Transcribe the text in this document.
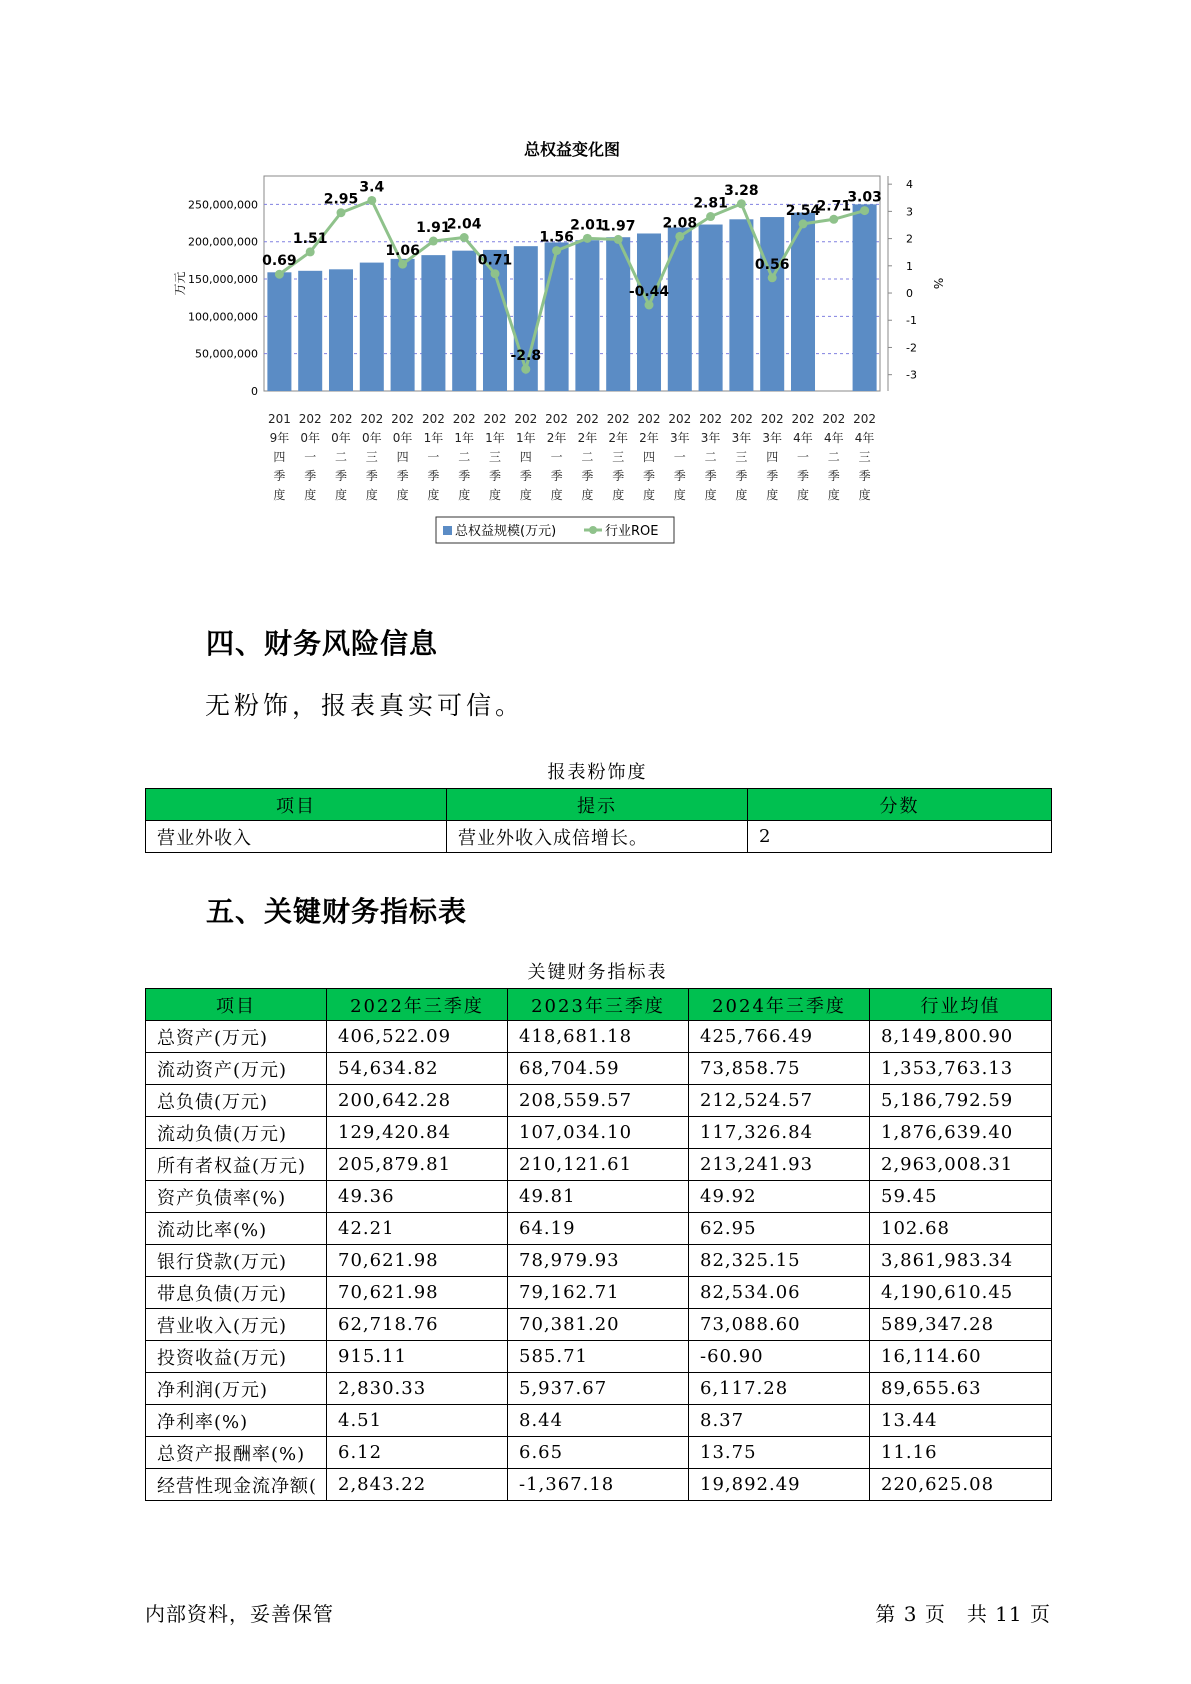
总权益变化图
250,000,000
200,000,000
150,000,000
100,000,000
50,000,000
0
万元
4
3
2
1
0
-1
-2
-3
%
0.69
1.51
2.95
3.4
1.06
1.91
2.04
0.71
-2.8
1.56
2.01
1.97
-0.44
2.08
2.81
3.28
0.56
2.54
2.71
3.03
201
9年
四
季
度
202
0年
一
季
度
202
0年
二
季
度
202
0年
三
季
度
202
0年
四
季
度
202
1年
一
季
度
202
1年
二
季
度
202
1年
三
季
度
202
1年
四
季
度
202
2年
一
季
度
202
2年
二
季
度
202
2年
三
季
度
202
2年
四
季
度
202
3年
一
季
度
202
3年
二
季
度
202
3年
三
季
度
202
3年
四
季
度
202
4年
一
季
度
202
4年
二
季
度
202
4年
三
季
度
总权益规模(万元)	行业ROE
四、财务风险信息
无粉饰，报表真实可信。
报表粉饰度
项目	提示	分数
营业外收入	营业外收入成倍增长。	2
五、关键财务指标表
关键财务指标表
项目	2022年三季度	2023年三季度	2024年三季度	行业均值
总资产(万元)	406,522.09	418,681.18	425,766.49	8,149,800.90
流动资产(万元)	54,634.82	68,704.59	73,858.75	1,353,763.13
总负债(万元)	200,642.28	208,559.57	212,524.57	5,186,792.59
流动负债(万元)	129,420.84	107,034.10	117,326.84	1,876,639.40
所有者权益(万元)	205,879.81	210,121.61	213,241.93	2,963,008.31
资产负债率(%)	49.36	49.81	49.92	59.45
流动比率(%)	42.21	64.19	62.95	102.68
银行贷款(万元)	70,621.98	78,979.93	82,325.15	3,861,983.34
带息负债(万元)	70,621.98	79,162.71	82,534.06	4,190,610.45
营业收入(万元)	62,718.76	70,381.20	73,088.60	589,347.28
投资收益(万元)	915.11	585.71	-60.90	16,114.60
净利润(万元)	2,830.33	5,937.67	6,117.28	89,655.63
净利率(%)	4.51	8.44	8.37	13.44
总资产报酬率(%)	6.12	6.65	13.75	11.16
经营性现金流净额(	2,843.22	-1,367.18	19,892.49	220,625.08
内部资料，妥善保管	第 3 页　共 11 页
